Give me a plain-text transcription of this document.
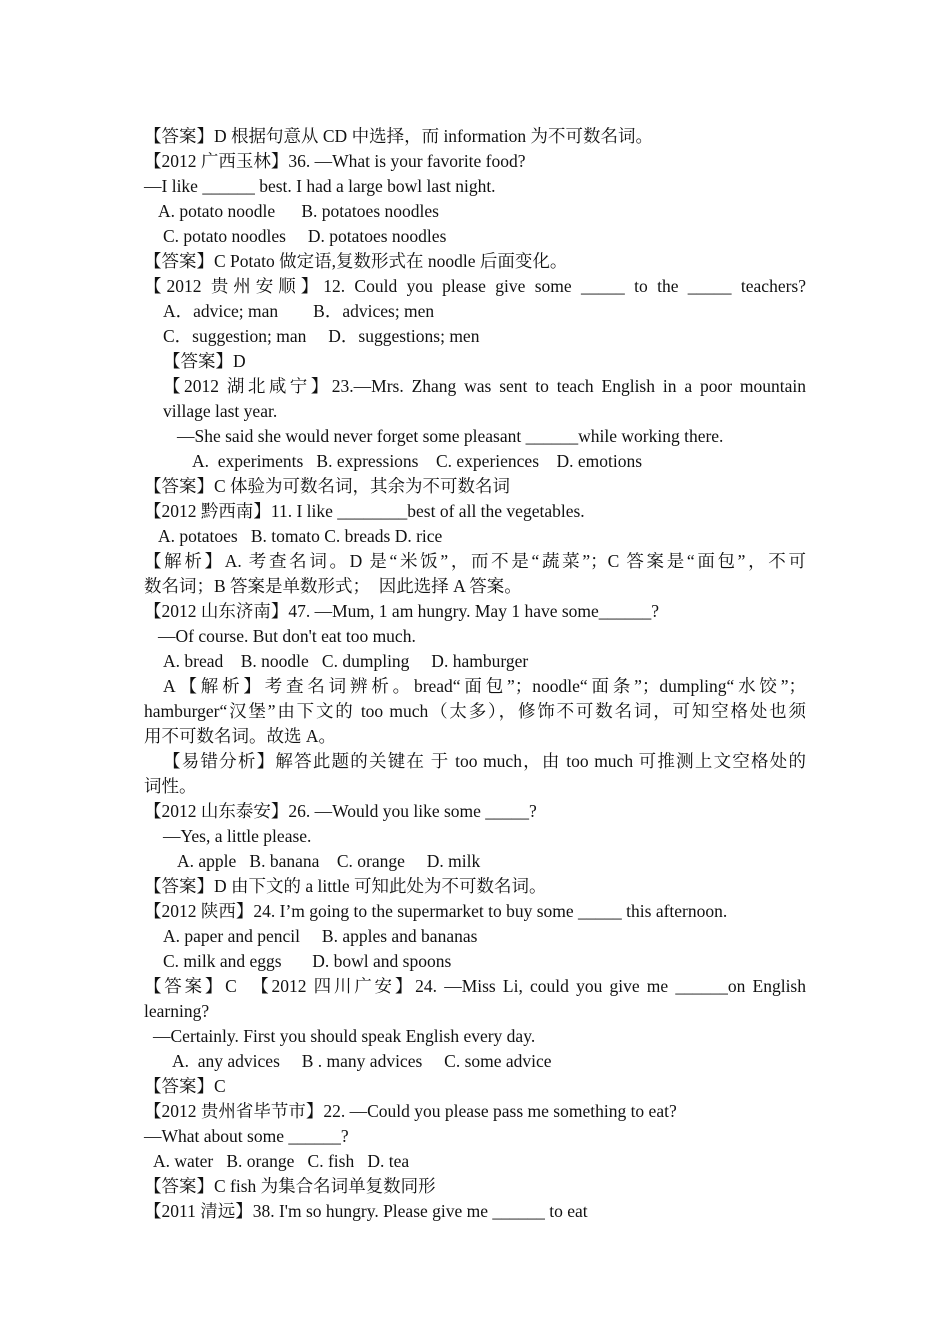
【答案】D 根据句意从 CD 中选择，而 information 为不可数名词。
【2012 广西玉林】36. —What is your favorite food?
—I like ______ best. I had a large bowl last night.
A. potato noodle      B. potatoes noodles
C. potato noodles     D. potatoes noodles
【答案】C Potato 做定语,复数形式在 noodle 后面变化。
【2012 贵州安顺】12. Could you please give some _____ to the _____ teachers?
A．advice; man        B．advices; men
C．suggestion; man     D．suggestions; men
【答案】D
【2012 湖北咸宁】23.—Mrs. Zhang was sent to teach English in a poor mountain
village last year.
—She said she would never forget some pleasant ______while working there.
A.  experiments   B. expressions    C. experiences    D. emotions
【答案】C 体验为可数名词，其余为不可数名词
【2012 黔西南】11. I like ________best of all the vegetables.
A. potatoes   B. tomato C. breads D. rice
【解析】A. 考查名词。D 是“米饭”，而不是“蔬菜”；C 答案是“面包”，不可
数名词；B 答案是单数形式；  因此选择 A 答案。
【2012 山东济南】47. —Mum, 1 am hungry. May 1 have some______?
—Of course. But don't eat too much.
A. bread    B. noodle   C. dumpling     D. hamburger
A【解析】考查名词辨析。bread“面包”；noodle“面条”；dumpling“水饺”；
hamburger“汉堡”由下文的 too much（太多），修饰不可数名词，可知空格处也须
用不可数名词。故选 A。
【易错分析】解答此题的关键在 于 too much，由 too much 可推测上文空格处的
词性。
【2012 山东泰安】26. —Would you like some _____?
—Yes, a little please.
A. apple   B. banana    C. orange     D. milk
【答案】D 由下文的 a little 可知此处为不可数名词。
【2012 陕西】24. I’m going to the supermarket to buy some _____ this afternoon.
A. paper and pencil     B. apples and bananas
C. milk and eggs       D. bowl and spoons
【答案】C  【2012 四川广安】24. —Miss Li, could you give me ______on English
learning?
—Certainly. First you should speak English every day.
A.  any advices     B . many advices     C. some advice
【答案】C
【2012 贵州省毕节市】22. —Could you please pass me something to eat?
—What about some ______?
A. water   B. orange   C. fish   D. tea
【答案】C fish 为集合名词单复数同形
【2011 清远】38. I'm so hungry. Please give me ______ to eat
